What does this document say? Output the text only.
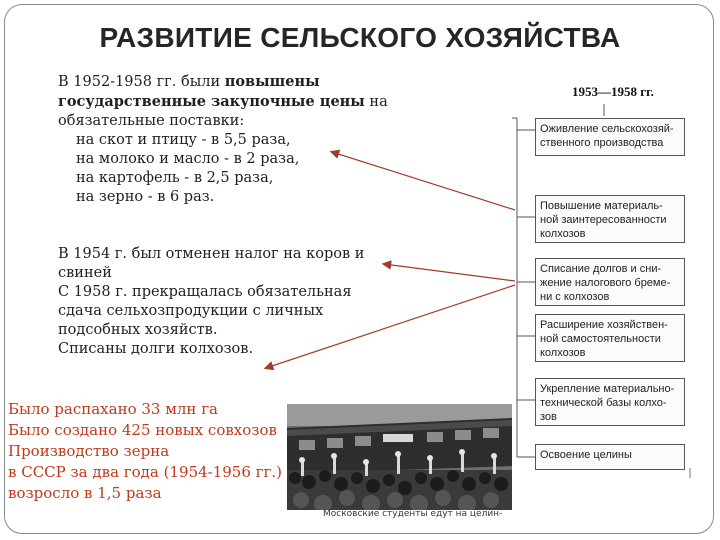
РАЗВИТИЕ СЕЛЬСКОГО ХОЗЯЙСТВА
В 1952-1958 гг. были повышены
государственные закупочные цены на
обязательные поставки:
на скот и птицу - в 5,5 раза,
на молоко и масло - в 2 раза,
на картофель - в 2,5 раза,
на зерно - в 6 раз.
В 1954 г. был отменен налог на коров и
свиней
С 1958 г. прекращалась обязательная
сдача сельхозпродукции с личных
подсобных хозяйств.
Списаны долги колхозов.
Было распахано 33 млн га
Было создано 425 новых совхозов
Производство зерна
в СССР за два года (1954-1956 гг.)
возросло в 1,5 раза
Московские студенты едут на целин-
1953—1958 гг.
Оживление сельскохозяй-
ственного производства
Повышение материаль-
ной заинтересованности
колхозов
Списание долгов и сни-
жение налогового бремe-
ни с колхозов
Расширение хозяйствен-
ной самостоятельности
колхозов
Укрепление материально-
технической базы колхо-
зов
Освоение целины
